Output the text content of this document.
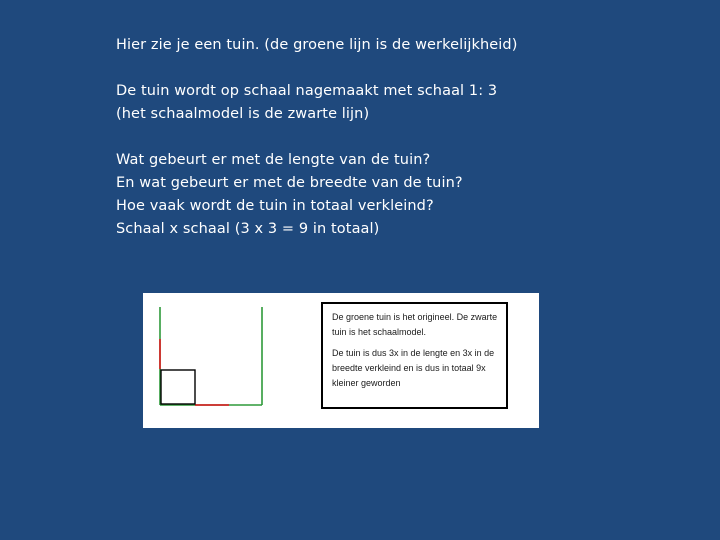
Hier zie je een tuin. (de groene lijn is de werkelijkheid)
De tuin wordt op schaal nagemaakt met schaal 1: 3
(het schaalmodel is de zwarte lijn)
Wat gebeurt er met de lengte van de tuin?
En wat gebeurt er met de breedte van de tuin?
Hoe vaak wordt de tuin in totaal verkleind?
Schaal x schaal (3 x 3 = 9 in totaal)
De groene tuin is het origineel. De zwarte tuin is het schaalmodel.
De tuin is dus 3x in de lengte en 3x in de breedte verkleind en is dus in totaal 9x kleiner geworden
